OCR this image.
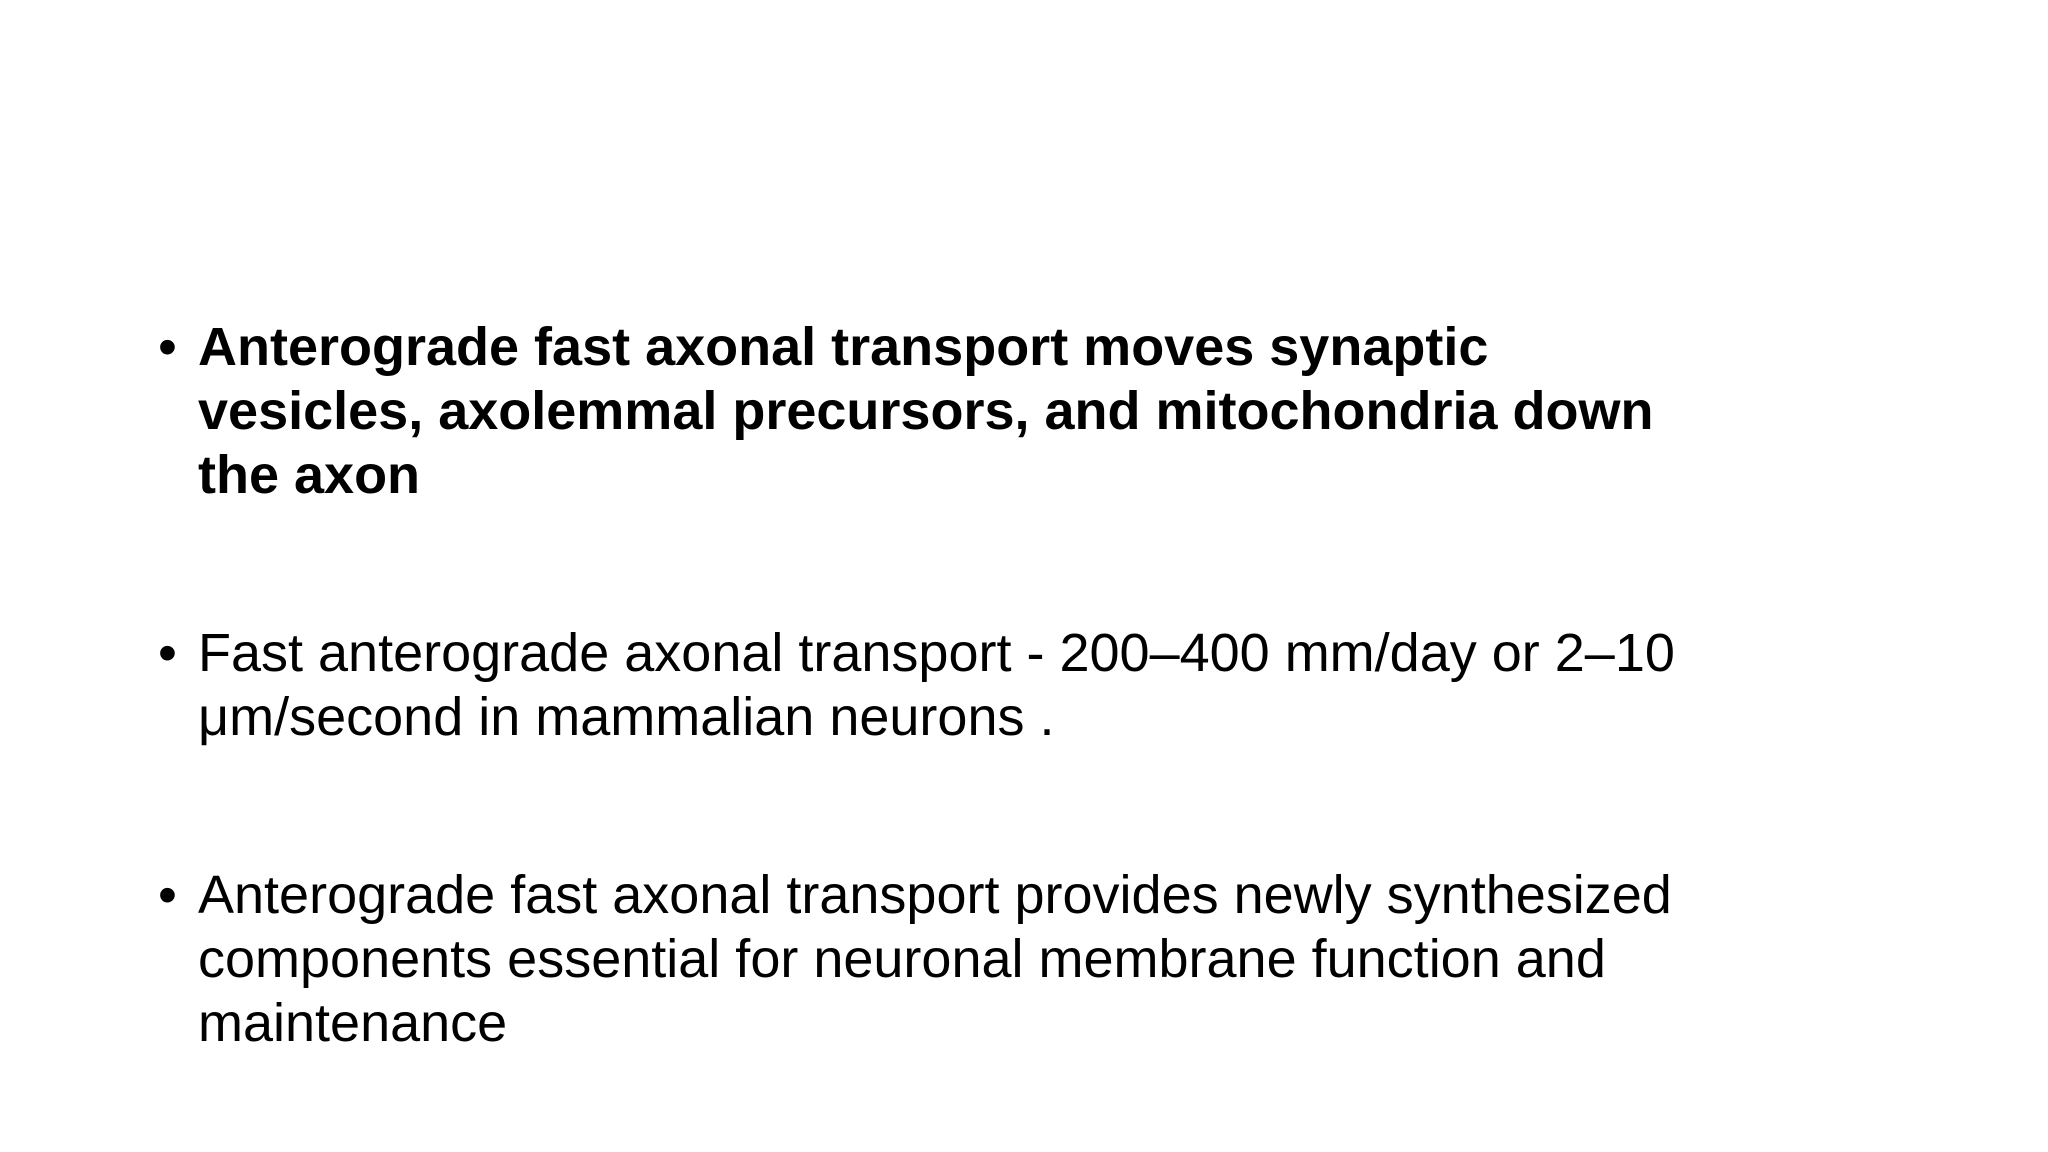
• Anterograde fast axonal transport moves synaptic vesicles, axolemmal precursors, and mitochondria down the axon
• Fast anterograde axonal transport - 200–400 mm/day or 2–10 μm/second in mammalian neurons .
• Anterograde fast axonal transport provides newly synthesized components essential for neuronal membrane function and maintenance
